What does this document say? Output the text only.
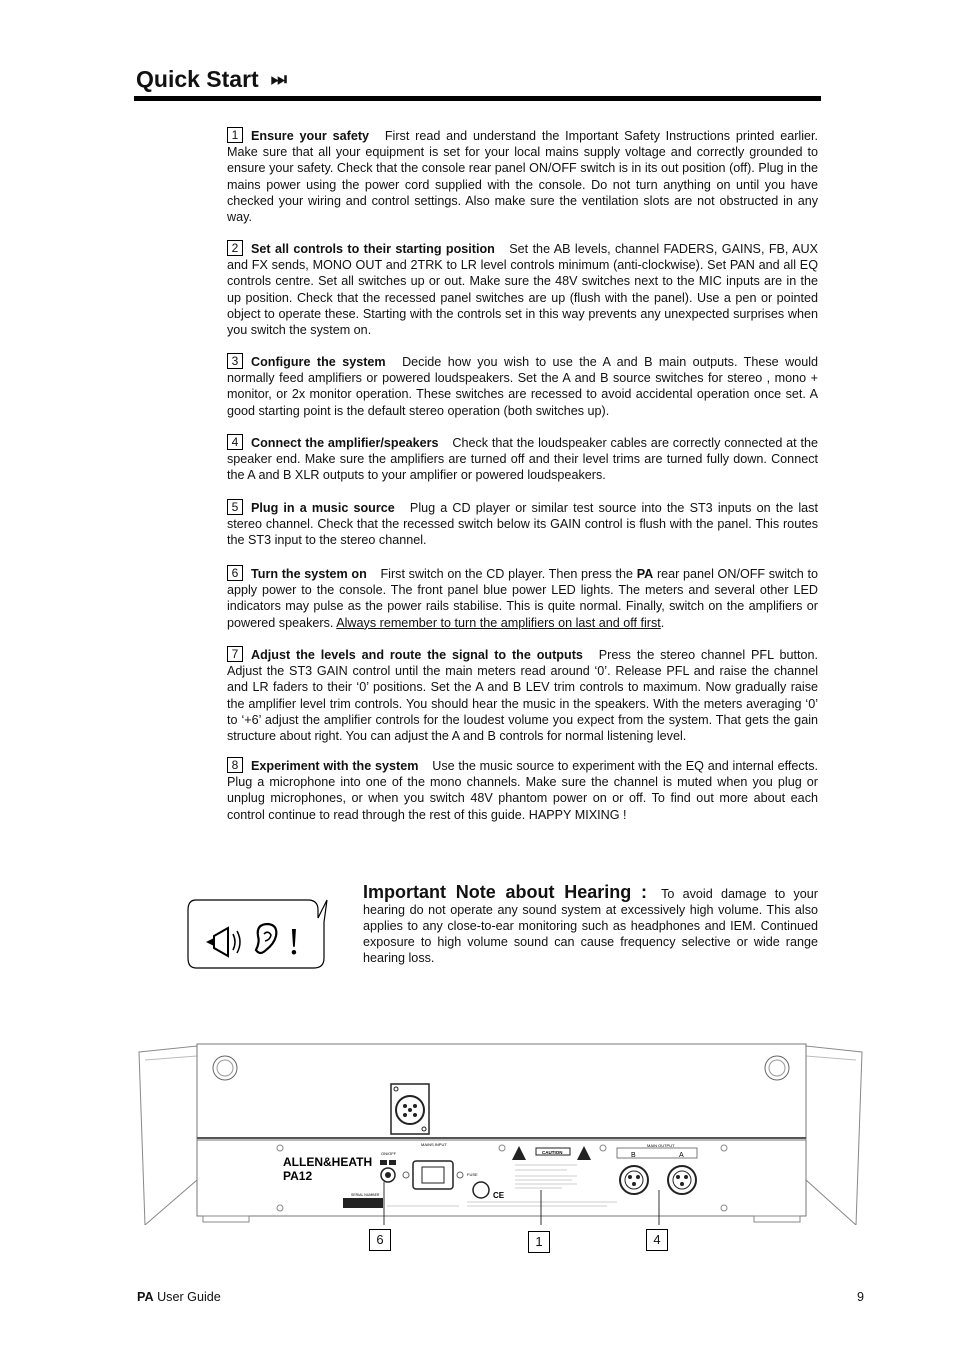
Quick Start ⏭

1 Ensure your safety First read and understand the Important Safety Instructions printed earlier. Make sure that all your equipment is set for your local mains supply voltage and correctly grounded to ensure your safety. Check that the console rear panel ON/OFF switch is in its out position (off). Plug in the mains power using the power cord supplied with the console. Do not turn anything on until you have checked your wiring and control settings. Also make sure the ventilation slots are not obstructed in any way.

2 Set all controls to their starting position Set the AB levels, channel FADERS, GAINS, FB, AUX and FX sends, MONO OUT and 2TRK to LR level controls minimum (anti-clockwise). Set PAN and all EQ controls centre. Set all switches up or out. Make sure the 48V switches next to the MIC inputs are in the up position. Check that the recessed panel switches are up (flush with the panel). Use a pen or pointed object to operate these. Starting with the controls set in this way prevents any unexpected surprises when you switch the system on.

3 Configure the system Decide how you wish to use the A and B main outputs. These would normally feed amplifiers or powered loudspeakers. Set the A and B source switches for stereo , mono + monitor, or 2x monitor operation. These switches are recessed to avoid accidental operation once set. A good starting point is the default stereo operation (both switches up).

4 Connect the amplifier/speakers Check that the loudspeaker cables are correctly connected at the speaker end. Make sure the amplifiers are turned off and their level trims are turned fully down. Connect the A and B XLR outputs to your amplifier or powered loudspeakers.

5 Plug in a music source Plug a CD player or similar test source into the ST3 inputs on the last stereo channel. Check that the recessed switch below its GAIN control is flush with the panel. This routes the ST3 input to the stereo channel.

6 Turn the system on First switch on the CD player. Then press the PA rear panel ON/OFF switch to apply power to the console. The front panel blue power LED lights. The meters and several other LED indicators may pulse as the power rails stabilise. This is quite normal. Finally, switch on the amplifiers or powered speakers. Always remember to turn the amplifiers on last and off first.

7 Adjust the levels and route the signal to the outputs Press the stereo channel PFL button. Adjust the ST3 GAIN control until the main meters read around ‘0’. Release PFL and raise the channel and LR faders to their ‘0’ positions. Set the A and B LEV trim controls to maximum. Now gradually raise the amplifier level trim controls. You should hear the music in the speakers. With the meters averaging ‘0’ to ‘+6’ adjust the amplifier controls for the loudest volume you expect from the system. That gets the gain structure about right. You can adjust the A and B controls for normal listening level.

8 Experiment with the system Use the music source to experiment with the EQ and internal effects. Plug a microphone into one of the mono channels. Make sure the channel is muted when you plug or unplug microphones, or when you switch 48V phantom power on or off. To find out more about each control continue to read through the rest of this guide. HAPPY MIXING !

!
Important Note about Hearing : To avoid damage to your hearing do not operate any sound system at excessively high volume. This also applies to any close-to-ear monitoring such as headphones and IEM. Continued exposure to high volume sound can cause frequency selective or wide range hearing loss.
ALLEN&HEATH
PA12
SERIAL NUMBER
ON/OFF
MAINS INPUT
FUSE
CE
CAUTION
MAIN OUTPUT
B	A
6	1	4
PA User Guide	9
